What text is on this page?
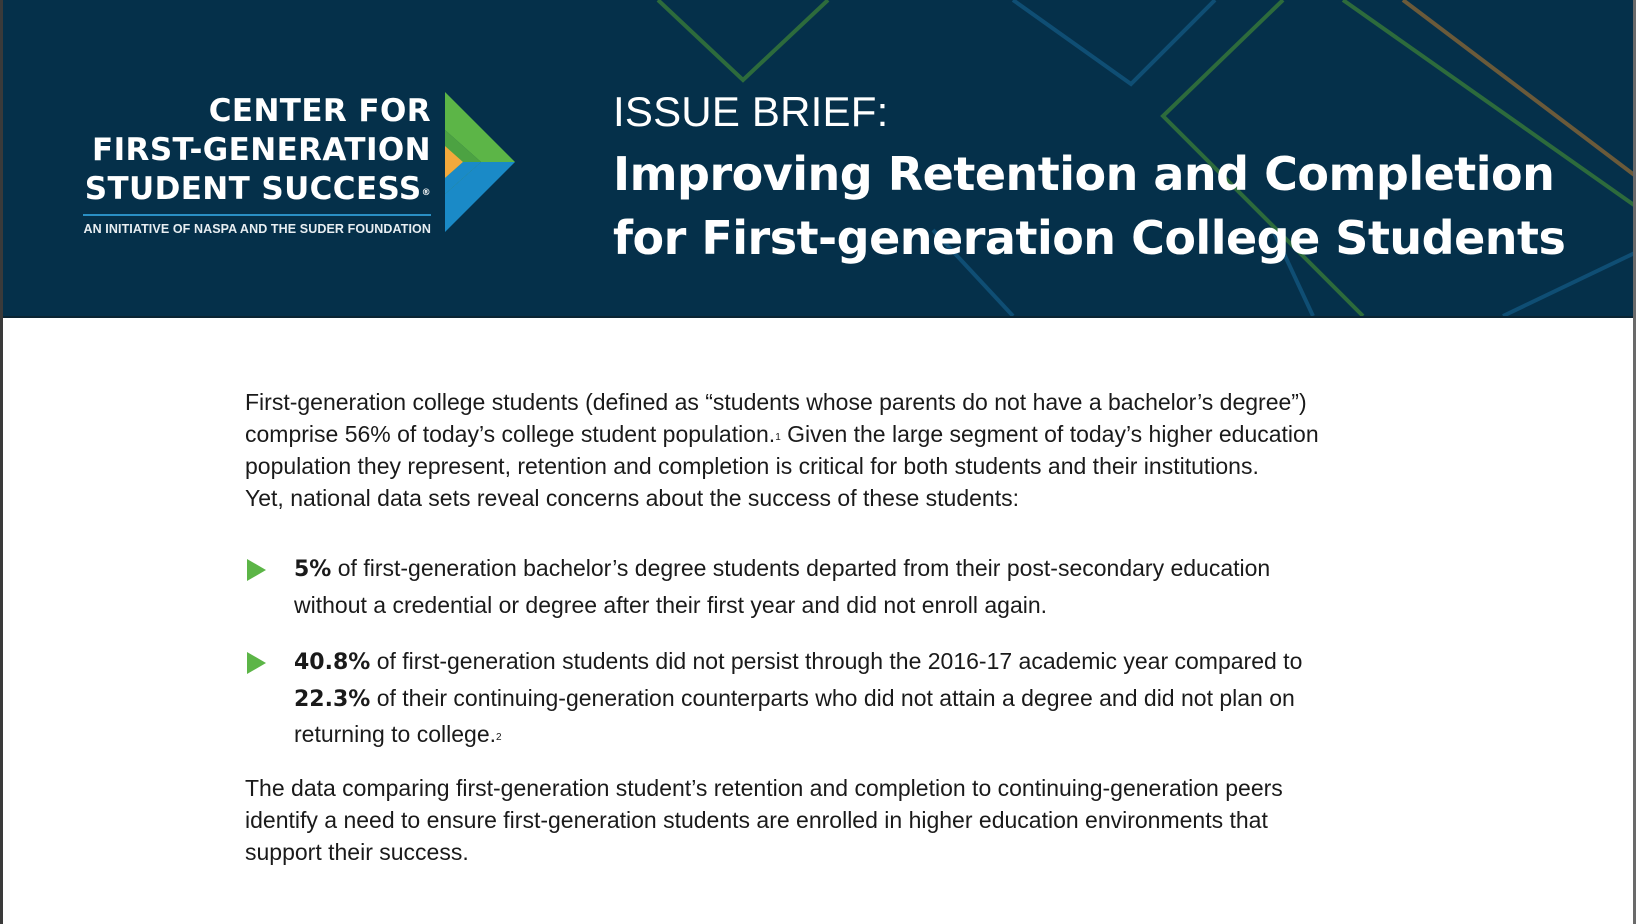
CENTER FOR
FIRST-GENERATION
STUDENT SUCCESS®
AN INITIATIVE OF NASPA AND THE SUDER FOUNDATION
ISSUE BRIEF:
Improving Retention and Completion
for First-generation College Students

First-generation college students (defined as “students whose parents do not have a bachelor’s degree”)
comprise 56% of today’s college student population.$^1$ Given the large segment of today’s higher education
population they represent, retention and completion is critical for both students and their institutions.
Yet, national data sets reveal concerns about the success of these students:

5% of first-generation bachelor’s degree students departed from their post-secondary education
without a credential or degree after their first year and did not enroll again.
40.8% of first-generation students did not persist through the 2016-17 academic year compared to
22.3% of their continuing-generation counterparts who did not attain a degree and did not plan on
returning to college.$^2$

The data comparing first-generation student’s retention and completion to continuing-generation peers
identify a need to ensure first-generation students are enrolled in higher education environments that
support their success.
